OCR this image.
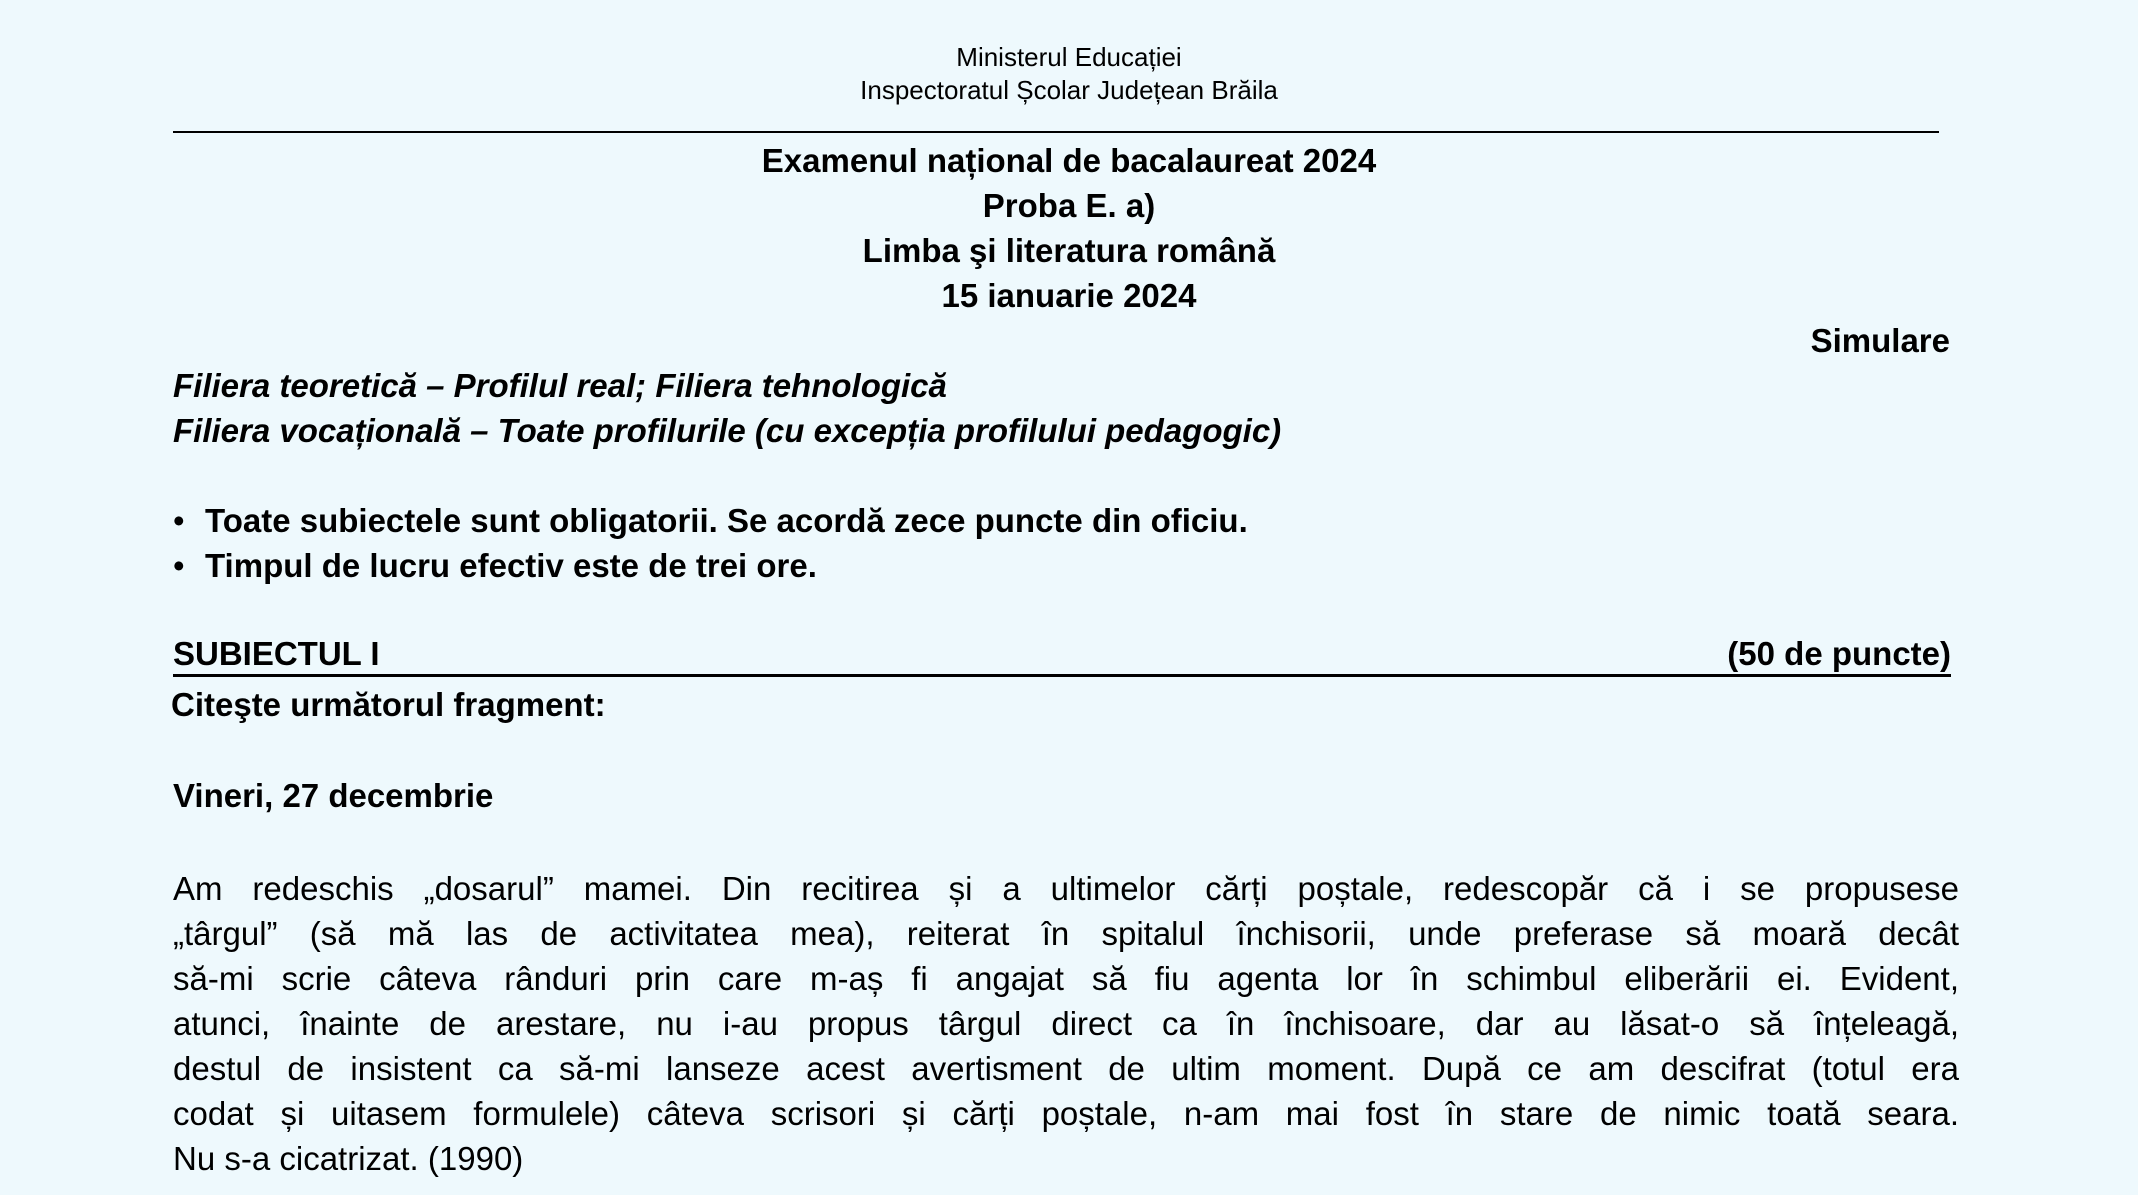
Ministerul Educației
Inspectoratul Școlar Județean Brăila
Examenul național de bacalaureat 2024
Proba E. a)
Limba şi literatura română
15 ianuarie 2024
Simulare
Filiera teoretică – Profilul real; Filiera tehnologică
Filiera vocațională – Toate profilurile (cu excepția profilului pedagogic)
• Toate subiectele sunt obligatorii. Se acordă zece puncte din oficiu.
• Timpul de lucru efectiv este de trei ore.
SUBIECTUL I	(50 de puncte)
Citeşte următorul fragment:
Vineri, 27 decembrie
Am redeschis „dosarul” mamei. Din recitirea și a ultimelor cărți poștale, redescopăr că i se propusese
„târgul” (să mă las de activitatea mea), reiterat în spitalul închisorii, unde preferase să moară decât
să-mi scrie câteva rânduri prin care m-aș fi angajat să fiu agenta lor în schimbul eliberării ei. Evident,
atunci, înainte de arestare, nu i-au propus târgul direct ca în închisoare, dar au lăsat-o să înțeleagă,
destul de insistent ca să-mi lanseze acest avertisment de ultim moment. După ce am descifrat (totul era
codat și uitasem formulele) câteva scrisori și cărți poștale, n-am mai fost în stare de nimic toată seara.
Nu s-a cicatrizat. (1990)
